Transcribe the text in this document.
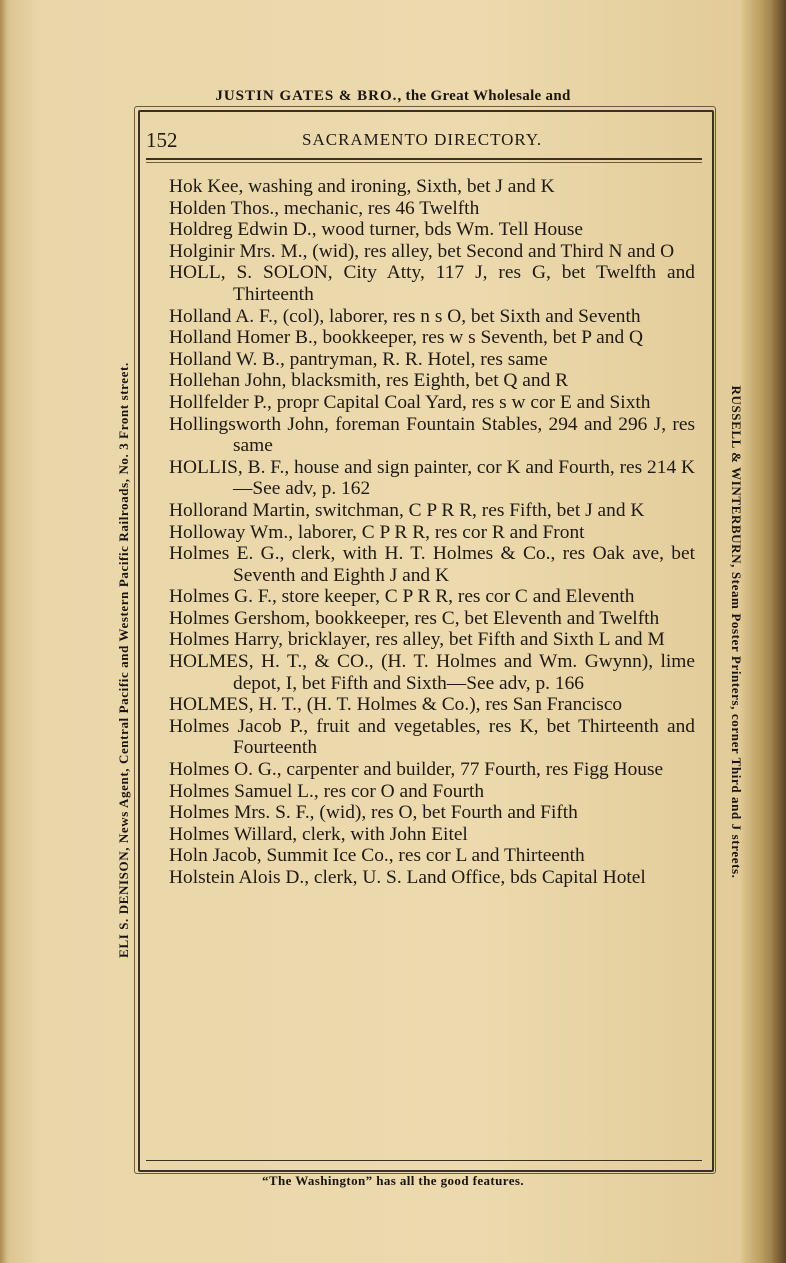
JUSTIN GATES & BRO., the Great Wholesale and
ELI S. DENISON, News Agent, Central Pacific and Western Pacific Railroads, No. 3 Front street.	RUSSELL & WINTERBURN, Steam Poster Printers, corner Third and J streets.
152	SACRAMENTO DIRECTORY.

Hok Kee, washing and ironing, Sixth, bet J and K

Holden Thos., mechanic, res 46 Twelfth

Holdreg Edwin D., wood turner, bds Wm. Tell House

Holginir Mrs. M., (wid), res alley, bet Second and Third N and O

HOLL, S. SOLON, City Atty, 117 J, res G, bet Twelfth and Thirteenth

Holland A. F., (col), laborer, res n s O, bet Sixth and Seventh

Holland Homer B., bookkeeper, res w s Seventh, bet P and Q

Holland W. B., pantryman, R. R. Hotel, res same

Hollehan John, blacksmith, res Eighth, bet Q and R

Hollfelder P., propr Capital Coal Yard, res s w cor E and Sixth

Hollingsworth John, foreman Fountain Stables, 294 and 296 J, res same

HOLLIS, B. F., house and sign painter, cor K and Fourth, res 214 K—See adv, p. 162

Hollorand Martin, switchman, C P R R, res Fifth, bet J and K

Holloway Wm., laborer, C P R R, res cor R and Front

Holmes E. G., clerk, with H. T. Holmes & Co., res Oak ave, bet Seventh and Eighth J and K

Holmes G. F., store keeper, C P R R, res cor C and Eleventh

Holmes Gershom, bookkeeper, res C, bet Eleventh and Twelfth

Holmes Harry, bricklayer, res alley, bet Fifth and Sixth L and M

HOLMES, H. T., & CO., (H. T. Holmes and Wm. Gwynn), lime depot, I, bet Fifth and Sixth—See adv, p. 166

HOLMES, H. T., (H. T. Holmes & Co.), res San Francisco

Holmes Jacob P., fruit and vegetables, res K, bet Thirteenth and Fourteenth

Holmes O. G., carpenter and builder, 77 Fourth, res Figg House

Holmes Samuel L., res cor O and Fourth

Holmes Mrs. S. F., (wid), res O, bet Fourth and Fifth

Holmes Willard, clerk, with John Eitel

Holn Jacob, Summit Ice Co., res cor L and Thirteenth

Holstein Alois D., clerk, U. S. Land Office, bds Capital Hotel

“The Washington” has all the good features.
